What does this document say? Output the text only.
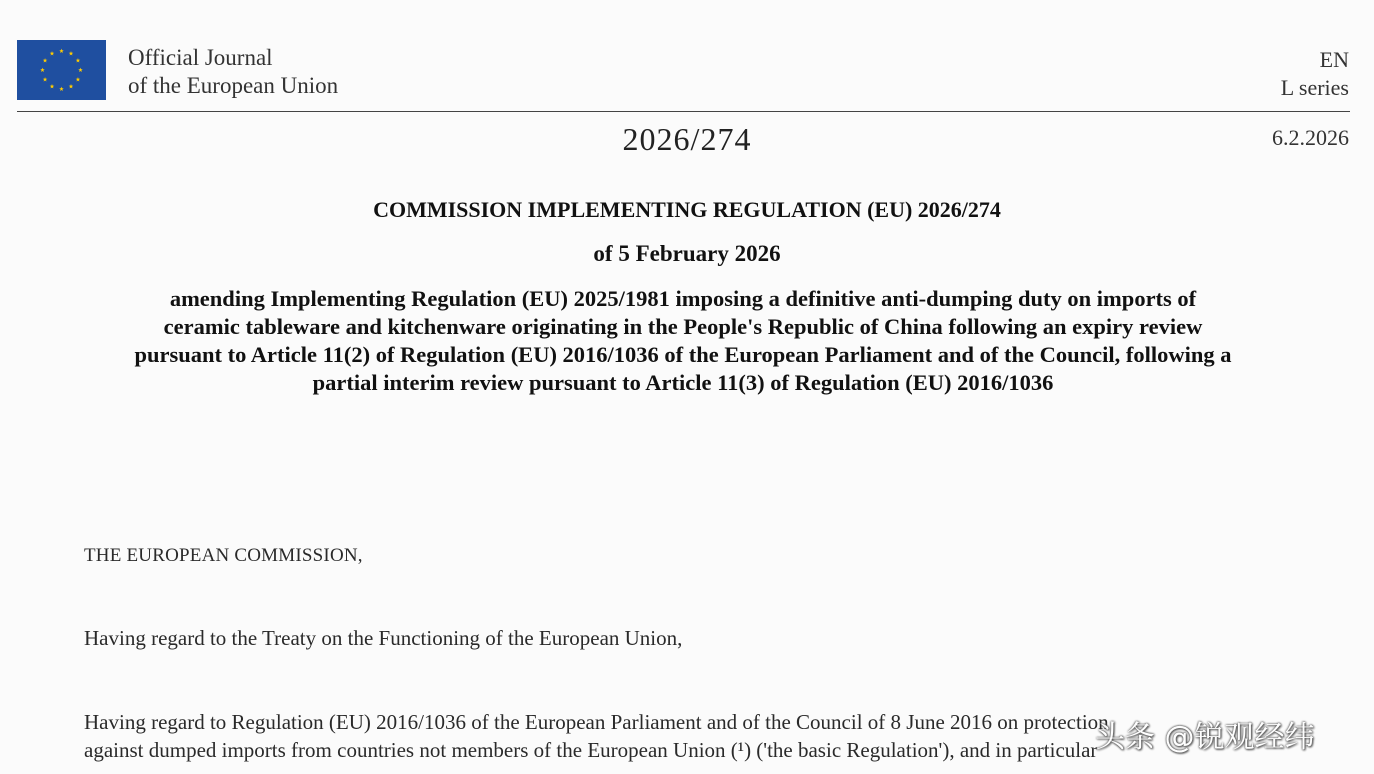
Official Journal
of the European Union
EN
L series
2026/274	6.2.2026
COMMISSION IMPLEMENTING REGULATION (EU) 2026/274
of 5 February 2026
amending Implementing Regulation (EU) 2025/1981 imposing a definitive anti-dumping duty on imports of ceramic tableware and kitchenware originating in the People's Republic of China following an expiry review pursuant to Article 11(2) of Regulation (EU) 2016/1036 of the European Parliament and of the Council, following a partial interim review pursuant to Article 11(3) of Regulation (EU) 2016/1036
THE EUROPEAN COMMISSION,
Having regard to the Treaty on the Functioning of the European Union,
Having regard to Regulation (EU) 2016/1036 of the European Parliament and of the Council of 8 June 2016 on protection
against dumped imports from countries not members of the European Union (¹) ('the basic Regulation'), and in particular
头条 @锐观经纬
